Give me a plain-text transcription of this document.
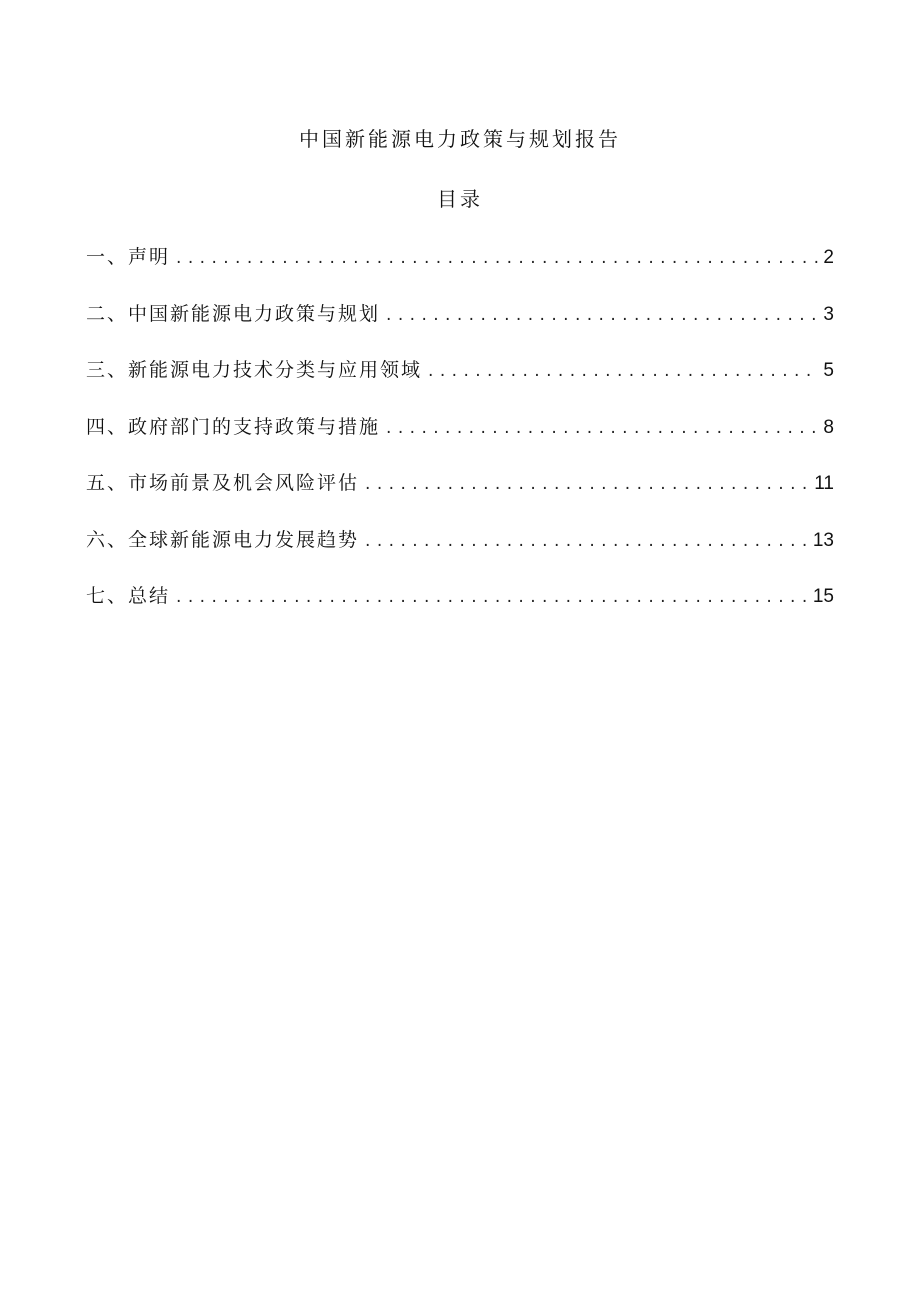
中国新能源电力政策与规划报告
目录
一、声明 . . .	2
二、中国新能源电力政策与规划 . . .	3
三、新能源电力技术分类与应用领域 . . .	5
四、政府部门的支持政策与措施 . . .	8
五、市场前景及机会风险评估 . . .	11
六、全球新能源电力发展趋势 . . .	13
七、总结 . . .	15
